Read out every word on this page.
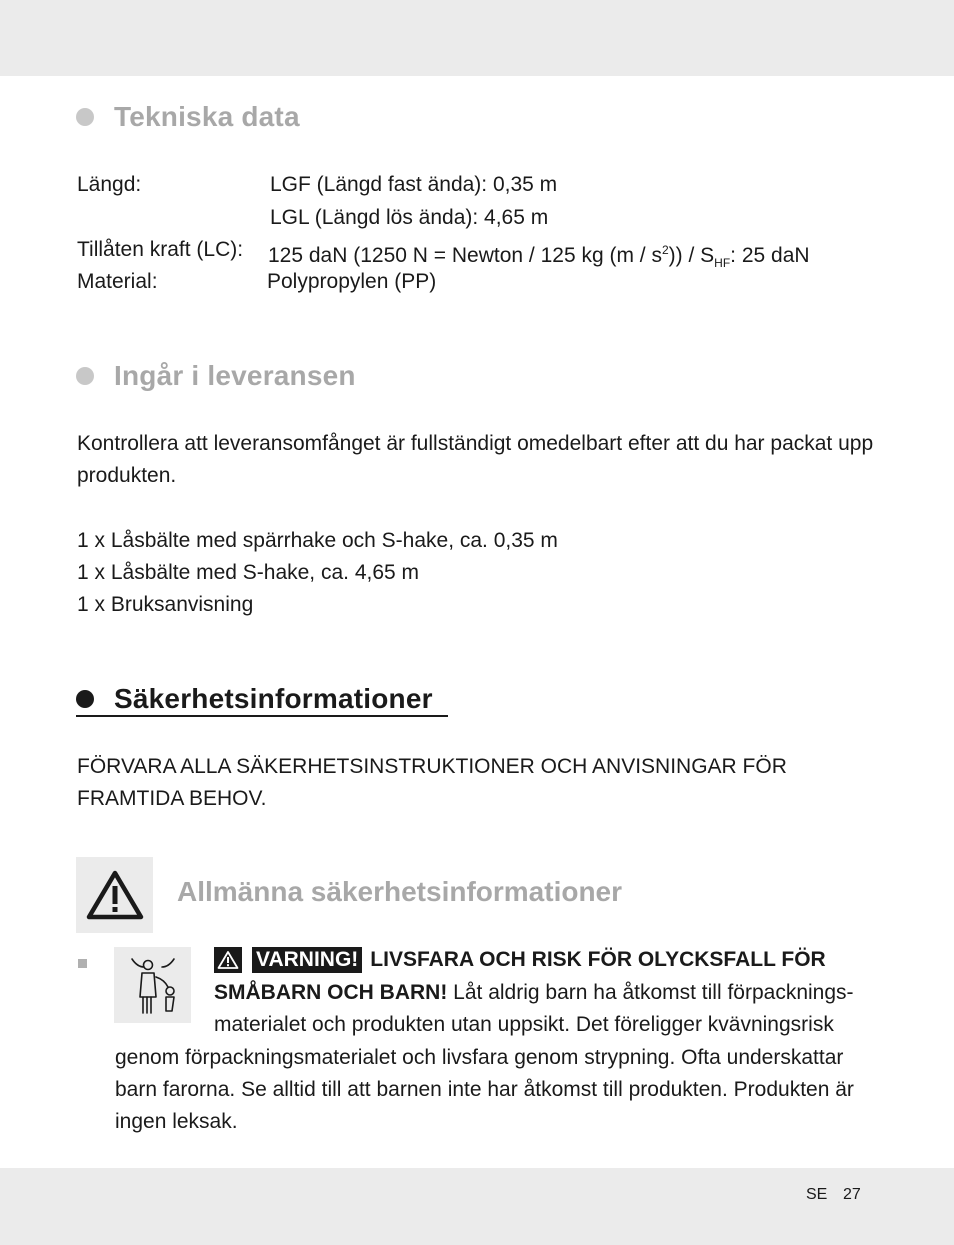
Tekniska data
Längd:	LGF (Längd fast ända): 0,35 m
LGL (Längd lös ända): 4,65 m
Tillåten kraft (LC): 125 daN (1250 N = Newton / 125 kg $(m / s^2)) / S_{HF}$: 25 daN
Material:	Polypropylen (PP)
Ingår i leveransen
Kontrollera att leveransomfånget är fullständigt omedelbart efter att du har packat upp produkten.
1 x Låsbälte med spärrhake och S-hake, ca. 0,35 m
1 x Låsbälte med S-hake, ca. 4,65 m
1 x Bruksanvisning
Säkerhetsinformationer
FÖRVARA ALLA SÄKERHETSINSTRUKTIONER OCH ANVISNINGAR FÖR
FRAMTIDA BEHOV.
Allmänna säkerhetsinformationer
VARNING! LIVSFARA OCH RISK FÖR OLYCKSFALL FÖR
SMÅBARN OCH BARN! Låt aldrig barn ha åtkomst till förpacknings-
materialet och produkten utan uppsikt. Det föreligger kvävningsrisk
genom förpackningsmaterialet och livsfara genom strypning. Ofta underskattar
barn farorna. Se alltid till att barnen inte har åtkomst till produkten. Produkten är
ingen leksak.
SE 27
